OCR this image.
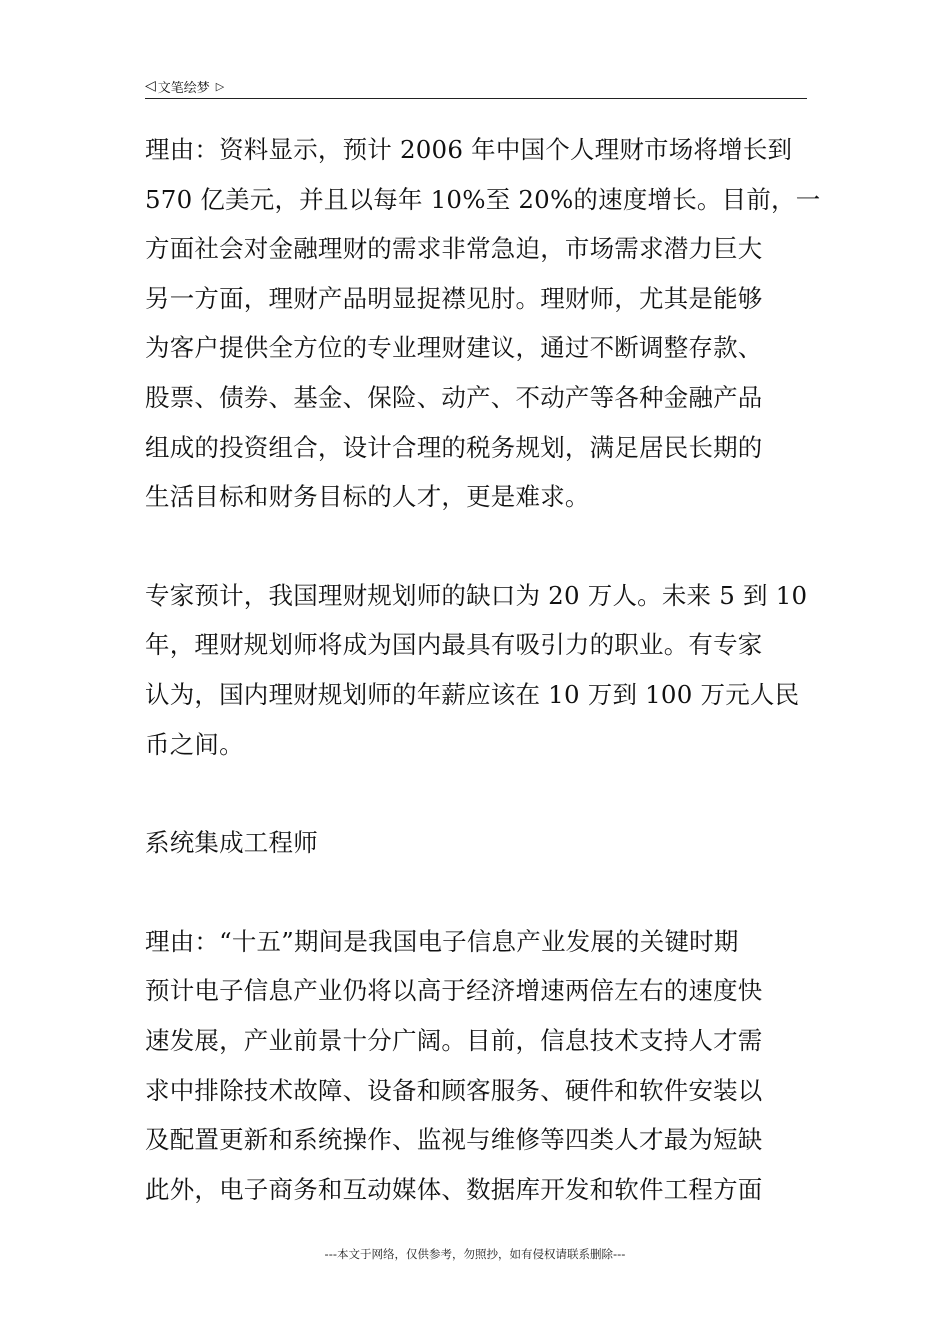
◁ 文笔绘梦 ▷

理由：资料显示，预计 2006 年中国个人理财市场将增长到
570 亿美元，并且以每年 10%至 20%的速度增长。目前，一
方面社会对金融理财的需求非常急迫，市场需求潜力巨大
另一方面，理财产品明显捉襟见肘。理财师，尤其是能够
为客户提供全方位的专业理财建议，通过不断调整存款、
股票、债券、基金、保险、动产、不动产等各种金融产品
组成的投资组合，设计合理的税务规划，满足居民长期的
生活目标和财务目标的人才，更是难求。

专家预计，我国理财规划师的缺口为 20 万人。未来 5 到 10
年，理财规划师将成为国内最具有吸引力的职业。有专家
认为，国内理财规划师的年薪应该在 10 万到 100 万元人民
币之间。

系统集成工程师

理由：“十五”期间是我国电子信息产业发展的关键时期
预计电子信息产业仍将以高于经济增速两倍左右的速度快
速发展，产业前景十分广阔。目前，信息技术支持人才需
求中排除技术故障、设备和顾客服务、硬件和软件安装以
及配置更新和系统操作、监视与维修等四类人才最为短缺
此外，电子商务和互动媒体、数据库开发和软件工程方面

---本文于网络，仅供参考，勿照抄，如有侵权请联系删除---
